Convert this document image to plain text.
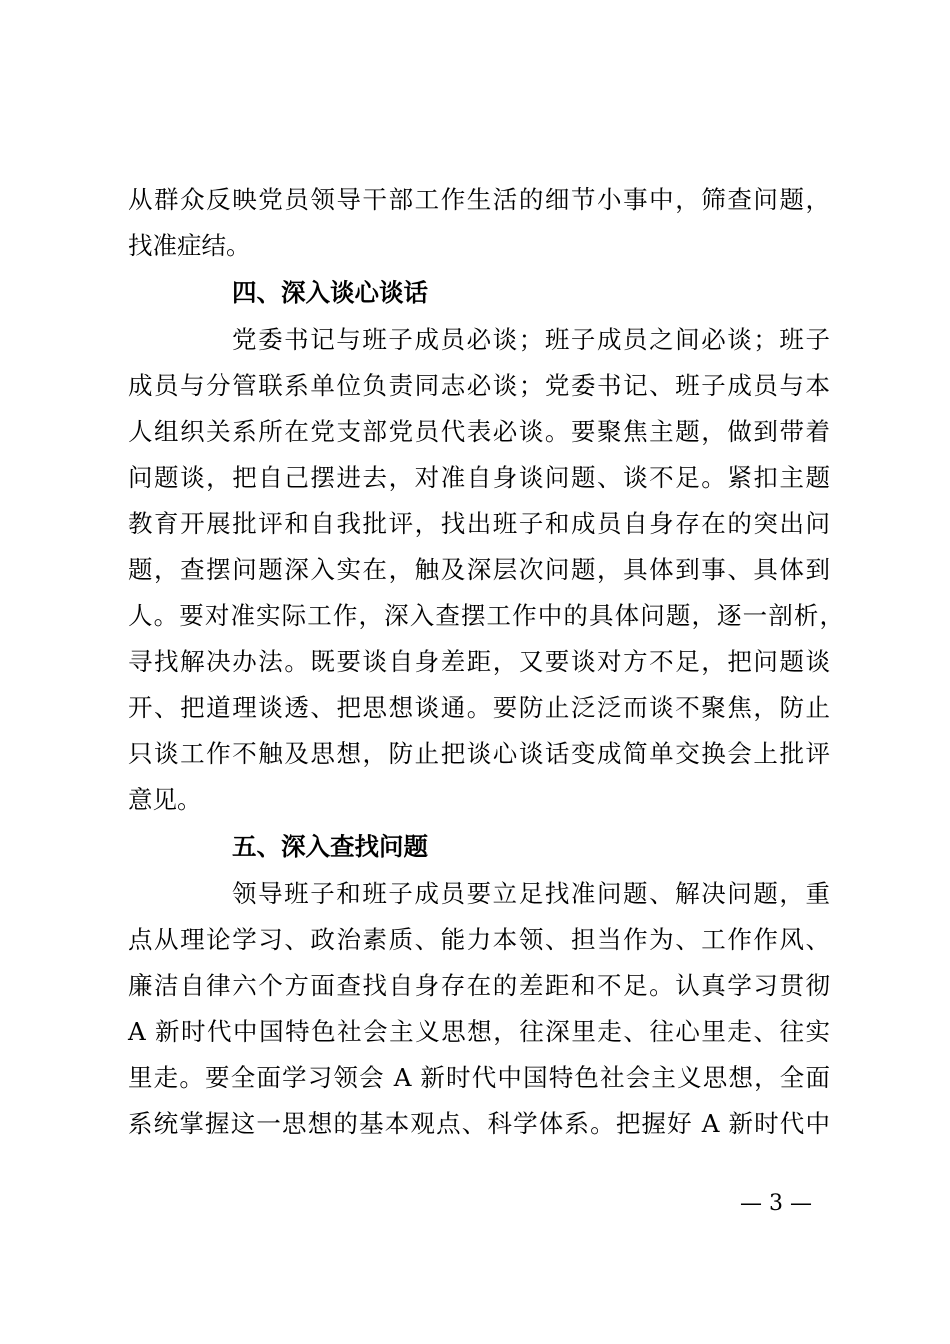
从群众反映党员领导干部工作生活的细节小事中，筛查问题，
找准症结。
四、深入谈心谈话
党委书记与班子成员必谈；班子成员之间必谈；班子
成员与分管联系单位负责同志必谈；党委书记、班子成员与本
人组织关系所在党支部党员代表必谈。要聚焦主题，做到带着
问题谈，把自己摆进去，对准自身谈问题、谈不足。紧扣主题
教育开展批评和自我批评，找出班子和成员自身存在的突出问
题，查摆问题深入实在，触及深层次问题，具体到事、具体到
人。要对准实际工作，深入查摆工作中的具体问题，逐一剖析，
寻找解决办法。既要谈自身差距，又要谈对方不足，把问题谈
开、把道理谈透、把思想谈通。要防止泛泛而谈不聚焦，防止
只谈工作不触及思想，防止把谈心谈话变成简单交换会上批评
意见。
五、深入查找问题
领导班子和班子成员要立足找准问题、解决问题，重
点从理论学习、政治素质、能力本领、担当作为、工作作风、
廉洁自律六个方面查找自身存在的差距和不足。认真学习贯彻
A 新时代中国特色社会主义思想，往深里走、往心里走、往实
里走。要全面学习领会 A 新时代中国特色社会主义思想，全面
系统掌握这一思想的基本观点、科学体系。把握好 A 新时代中
— 3 —
